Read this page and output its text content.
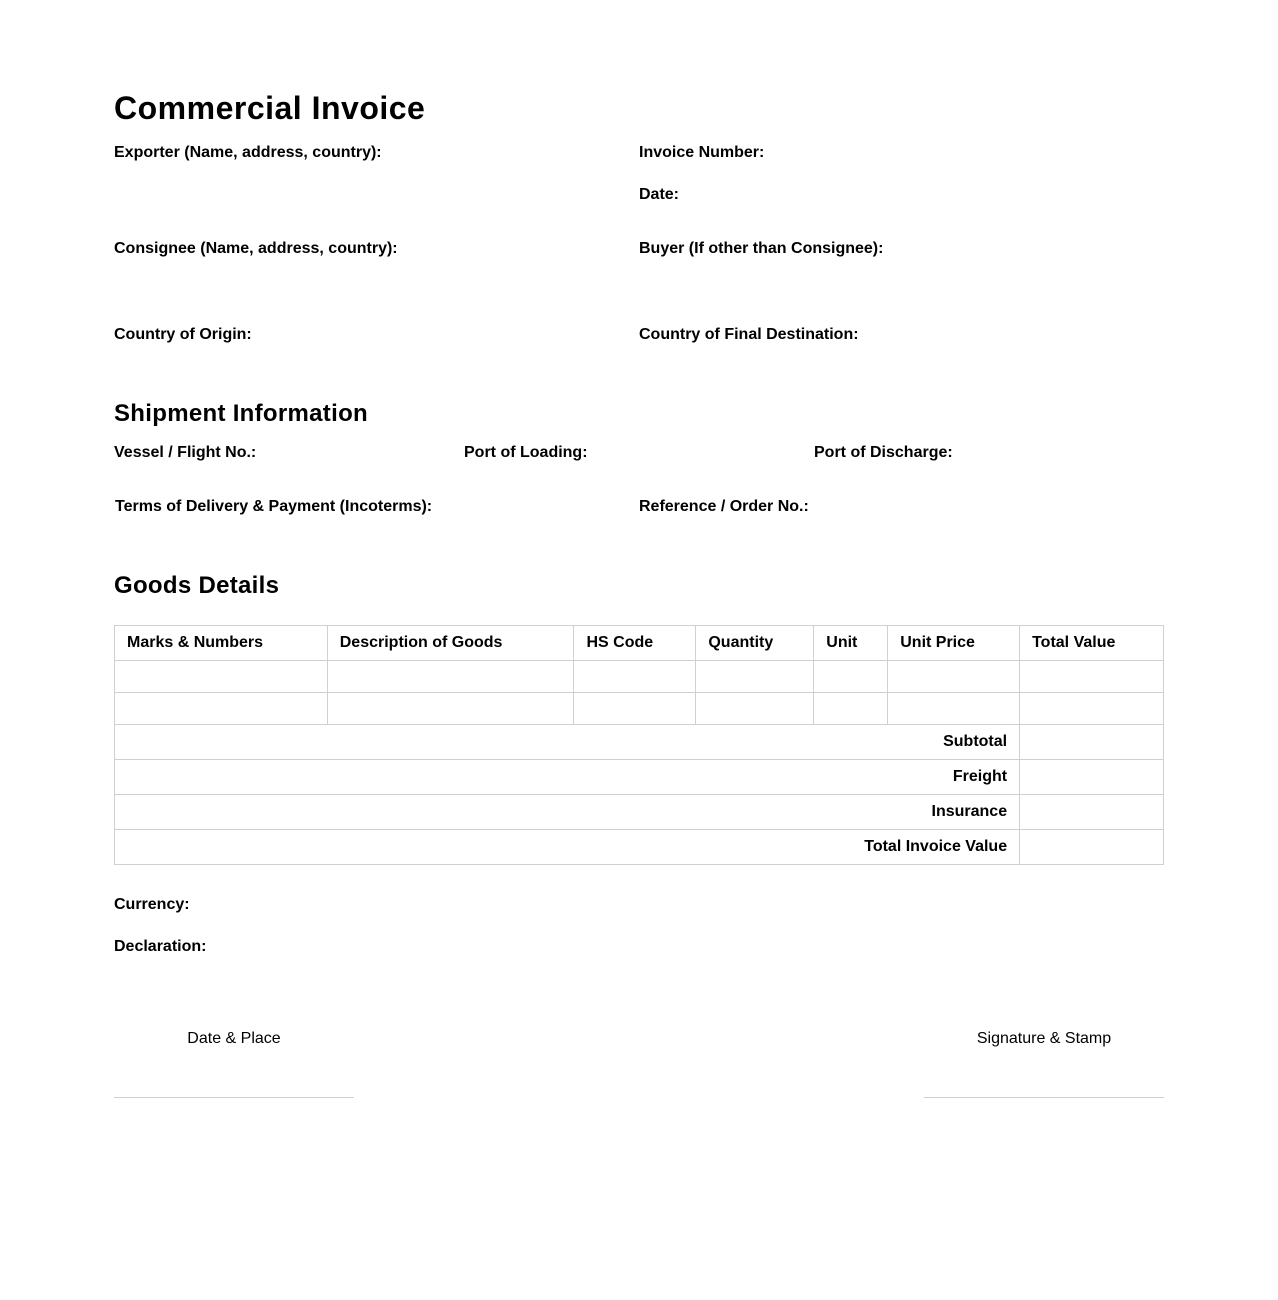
Commercial Invoice
Exporter (Name, address, country):	Invoice Number:
Date:
Consignee (Name, address, country):	Buyer (If other than Consignee):
Country of Origin:	Country of Final Destination:
Shipment Information
Vessel / Flight No.:	Port of Loading:	Port of Discharge:
Terms of Delivery & Payment (Incoterms):	Reference / Order No.:
Goods Details
Marks & Numbers	Description of Goods	HS Code	Quantity	Unit	Unit Price	Total Value

Subtotal						
Freight						
Insurance						
Total Invoice Value						
Currency:
Declaration:
Date & Place	Signature & Stamp
